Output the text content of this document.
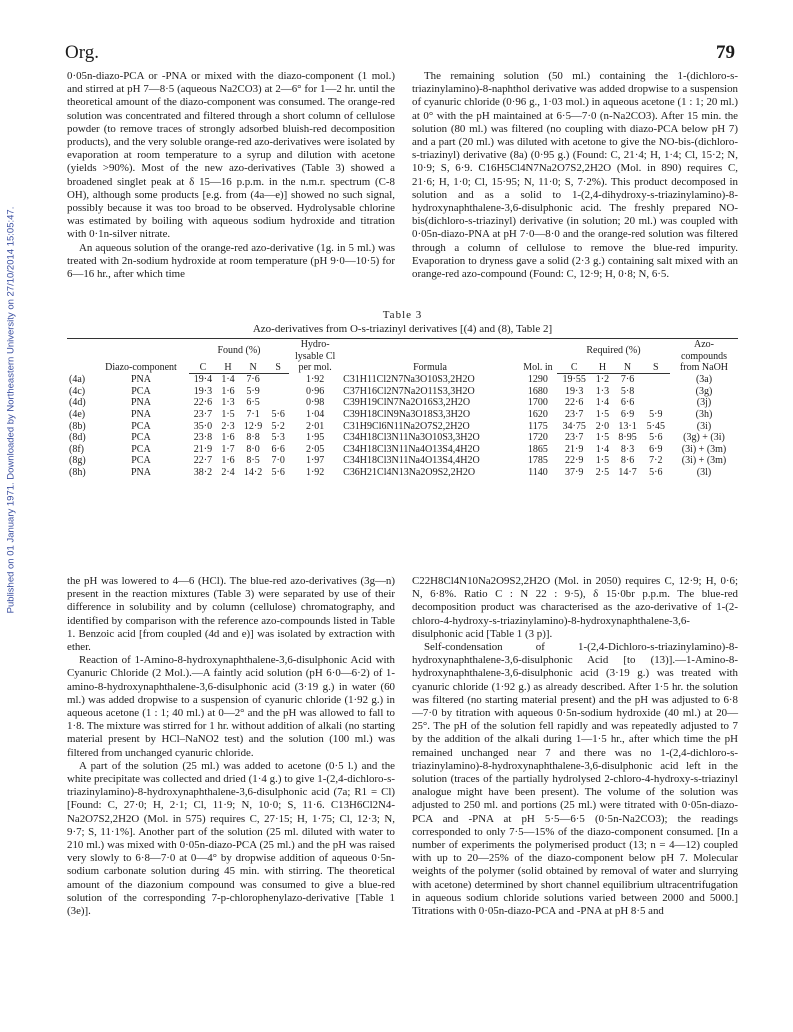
Org.	79
Published on 01 January 1971. Downloaded by Northeastern University on 27/10/2014 15:05:47.

0·05n-diazo-PCA or -PNA or mixed with the diazo-component (1 mol.) and stirred at pH 7—8·5 (aqueous Na2CO3) at 2—6° for 1—2 hr. until the theoretical amount of the diazo-component was consumed. The orange-red solution was concentrated and filtered through a short column of cellulose powder (to remove traces of strongly adsorbed bluish-red decomposition products), and the very soluble orange-red azo-derivatives were isolated by evaporation at room temperature to a syrup and dilution with acetone (yields >90%). Most of the new azo-derivatives (Table 3) showed a broadened singlet peak at δ 15—16 p.p.m. in the n.m.r. spectrum (C-8 OH), although some products [e.g. from (4a—e)] showed no such signal, possibly because it was too broad to be observed. Hydrolysable chlorine was estimated by boiling with aqueous sodium hydroxide and titration with 0·1n-silver nitrate.

An aqueous solution of the orange-red azo-derivative (1g. in 5 ml.) was treated with 2n-sodium hydroxide at room temperature (pH 9·0—10·5) for 6—16 hr., after which time

The remaining solution (50 ml.) containing the 1-(dichloro-s-triazinylamino)-8-naphthol derivative was added dropwise to a suspension of cyanuric chloride (0·96 g., 1·03 mol.) in aqueous acetone (1 : 1; 20 ml.) at 0° with the pH maintained at 6·5—7·0 (n-Na2CO3). After 15 min. the solution (80 ml.) was filtered (no coupling with diazo-PCA below pH 7) and a part (20 ml.) was diluted with acetone to give the NO-bis-(dichloro-s-triazinyl) derivative (8a) (0·95 g.) (Found: C, 21·4; H, 1·4; Cl, 15·2; N, 10·9; S, 6·9. C16H5Cl4N7Na2O7S2,2H2O (Mol. in 890) requires C, 21·6; H, 1·0; Cl, 15·95; N, 11·0; S, 7·2%). This product decomposed in solution and as a solid to 1-(2,4-dihydroxy-s-triazinylamino)-8-hydroxynaphthalene-3,6-disulphonic acid. The freshly prepared NO-bis(dichloro-s-triazinyl) derivative (in solution; 20 ml.) was coupled with 0·05n-diazo-PNA at pH 7·0—8·0 and the orange-red solution was filtered through a column of cellulose to remove the blue-red impurity. Evaporation to dryness gave a solid (2·3 g.) containing salt mixed with an orange-red azo-compound (Found: C, 12·9; H, 0·8; N, 6·5.

Table 3
Azo-derivatives from O-s-triazinyl derivatives [(4) and (8), Table 2]
	Diazo-component	Found (%)				Hydro-lysable Cl per mol.	Formula	Mol. in	Required (%)				Azo-compounds from NaOH
		C	H	N	S				C	H	N	S	
(4a)	PNA	19·4	1·4	7·6		1·92	C31H11Cl2N7Na3O10S3,2H2O	1290	19·55	1·2	7·6		(3a)
(4c)	PCA	19·3	1·6	5·9		0·96	C37H16Cl2N7Na2O11S3,3H2O	1680	19·3	1·3	5·8		(3g)
(4d)	PNA	22·6	1·3	6·5		0·98	C39H19ClN7Na2O16S3,2H2O	1700	22·6	1·4	6·6		(3j)
(4e)	PNA	23·7	1·5	7·1	5·6	1·04	C39H18ClN9Na3O18S3,3H2O	1620	23·7	1·5	6·9	5·9	(3h)
(8b)	PCA	35·0	2·3	12·9	5·2	2·01	C31H9Cl6N11Na2O7S2,2H2O	1175	34·75	2·0	13·1	5·45	(3i)
(8d)	PCA	23·8	1·6	8·8	5·3	1·95	C34H18Cl3N11Na3O10S3,3H2O	1720	23·7	1·5	8·95	5·6	(3g) + (3i)
(8f)	PCA	21·9	1·7	8·0	6·6	2·05	C34H18Cl3N11Na4O13S4,4H2O	1865	21·9	1·4	8·3	6·9	(3i) + (3m)
(8g)	PCA	22·7	1·6	8·5	7·0	1·97	C34H18Cl3N11Na4O13S4,4H2O	1785	22·9	1·5	8·6	7·2	(3i) + (3m)
(8h)	PNA	38·2	2·4	14·2	5·6	1·92	C36H21Cl4N13Na2O9S2,2H2O	1140	37·9	2·5	14·7	5·6	(3l)

the pH was lowered to 4—6 (HCl). The blue-red azo-derivatives (3g—n) present in the reaction mixtures (Table 3) were separated by use of their difference in solubility and by column (cellulose) chromatography, and identified by comparison with the reference azo-compounds listed in Table 1. Benzoic acid [from coupled (4d and e)] was isolated by extraction with ether.

Reaction of 1-Amino-8-hydroxynaphthalene-3,6-disulphonic Acid with Cyanuric Chloride (2 Mol.).—A faintly acid solution (pH 6·0—6·2) of 1-amino-8-hydroxynaphthalene-3,6-disulphonic acid (3·19 g.) in water (60 ml.) was added dropwise to a suspension of cyanuric chloride (1·92 g.) in aqueous acetone (1 : 1; 40 ml.) at 0—2° and the pH was allowed to fall to 1·8. The mixture was stirred for 1 hr. without addition of alkali (no starting material present by HCl–NaNO2 test) and the solution (100 ml.) was filtered from unchanged cyanuric chloride.

A part of the solution (25 ml.) was added to acetone (0·5 l.) and the white precipitate was collected and dried (1·4 g.) to give 1-(2,4-dichloro-s-triazinylamino)-8-hydroxynaphthalene-3,6-disulphonic acid (7a; R1 = Cl) [Found: C, 27·0; H, 2·1; Cl, 11·9; N, 10·0; S, 11·6. C13H6Cl2N4-Na2O7S2,2H2O (Mol. in 575) requires C, 27·15; H, 1·75; Cl, 12·3; N, 9·7; S, 11·1%]. Another part of the solution (25 ml. diluted with water to 210 ml.) was mixed with 0·05n-diazo-PCA (25 ml.) and the pH was raised very slowly to 6·8—7·0 at 0—4° by dropwise addition of aqueous 0·5n-sodium carbonate solution during 45 min. with stirring. The theoretical amount of the diazonium compound was consumed to give a blue-red solution of the corresponding 7-p-chlorophenylazo-derivative [Table 1 (3e)].

C22H8Cl4N10Na2O9S2,2H2O (Mol. in 2050) requires C, 12·9; H, 0·6; N, 6·8%. Ratio C : N 22 : 9·5), δ 15·0br p.p.m. The blue-red decomposition product was characterised as the azo-derivative of 1-(2-chloro-4-hydroxy-s-triazinylamino)-8-hydroxynaphthalene-3,6-disulphonic acid [Table 1 (3 p)].

Self-condensation of 1-(2,4-Dichloro-s-triazinylamino)-8-hydroxynaphthalene-3,6-disulphonic Acid [to (13)].—1-Amino-8-hydroxynaphthalene-3,6-disulphonic acid (3·19 g.) was treated with cyanuric chloride (1·92 g.) as already described. After 1·5 hr. the solution was filtered (no starting material present) and the pH was adjusted to 6·8—7·0 by titration with aqueous 0·5n-sodium hydroxide (40 ml.) at 20—25°. The pH of the solution fell rapidly and was repeatedly adjusted to 7 by the addition of the alkali during 1—1·5 hr., after which time the pH remained unchanged near 7 and there was no 1-(2,4-dichloro-s-triazinylamino)-8-hydroxynaphthalene-3,6-disulphonic acid left in the solution (traces of the partially hydrolysed 2-chloro-4-hydroxy-s-triazinyl analogue might have been present). The volume of the solution was adjusted to 250 ml. and portions (25 ml.) were titrated with 0·05n-diazo-PCA and -PNA at pH 5·5—6·5 (0·5n-Na2CO3); the readings corresponded to only 7·5—15% of the diazo-component consumed. [In a number of experiments the polymerised product (13; n = 4—12) coupled with up to 20—25% of the diazo-component below pH 7. Molecular weights of the polymer (solid obtained by removal of water and slurrying with acetone) determined by short channel equilibrium ultracentrifugation in aqueous sodium chloride solutions varied between 2000 and 5000.] Titrations with 0·05n-diazo-PCA and -PNA at pH 8·5 and
